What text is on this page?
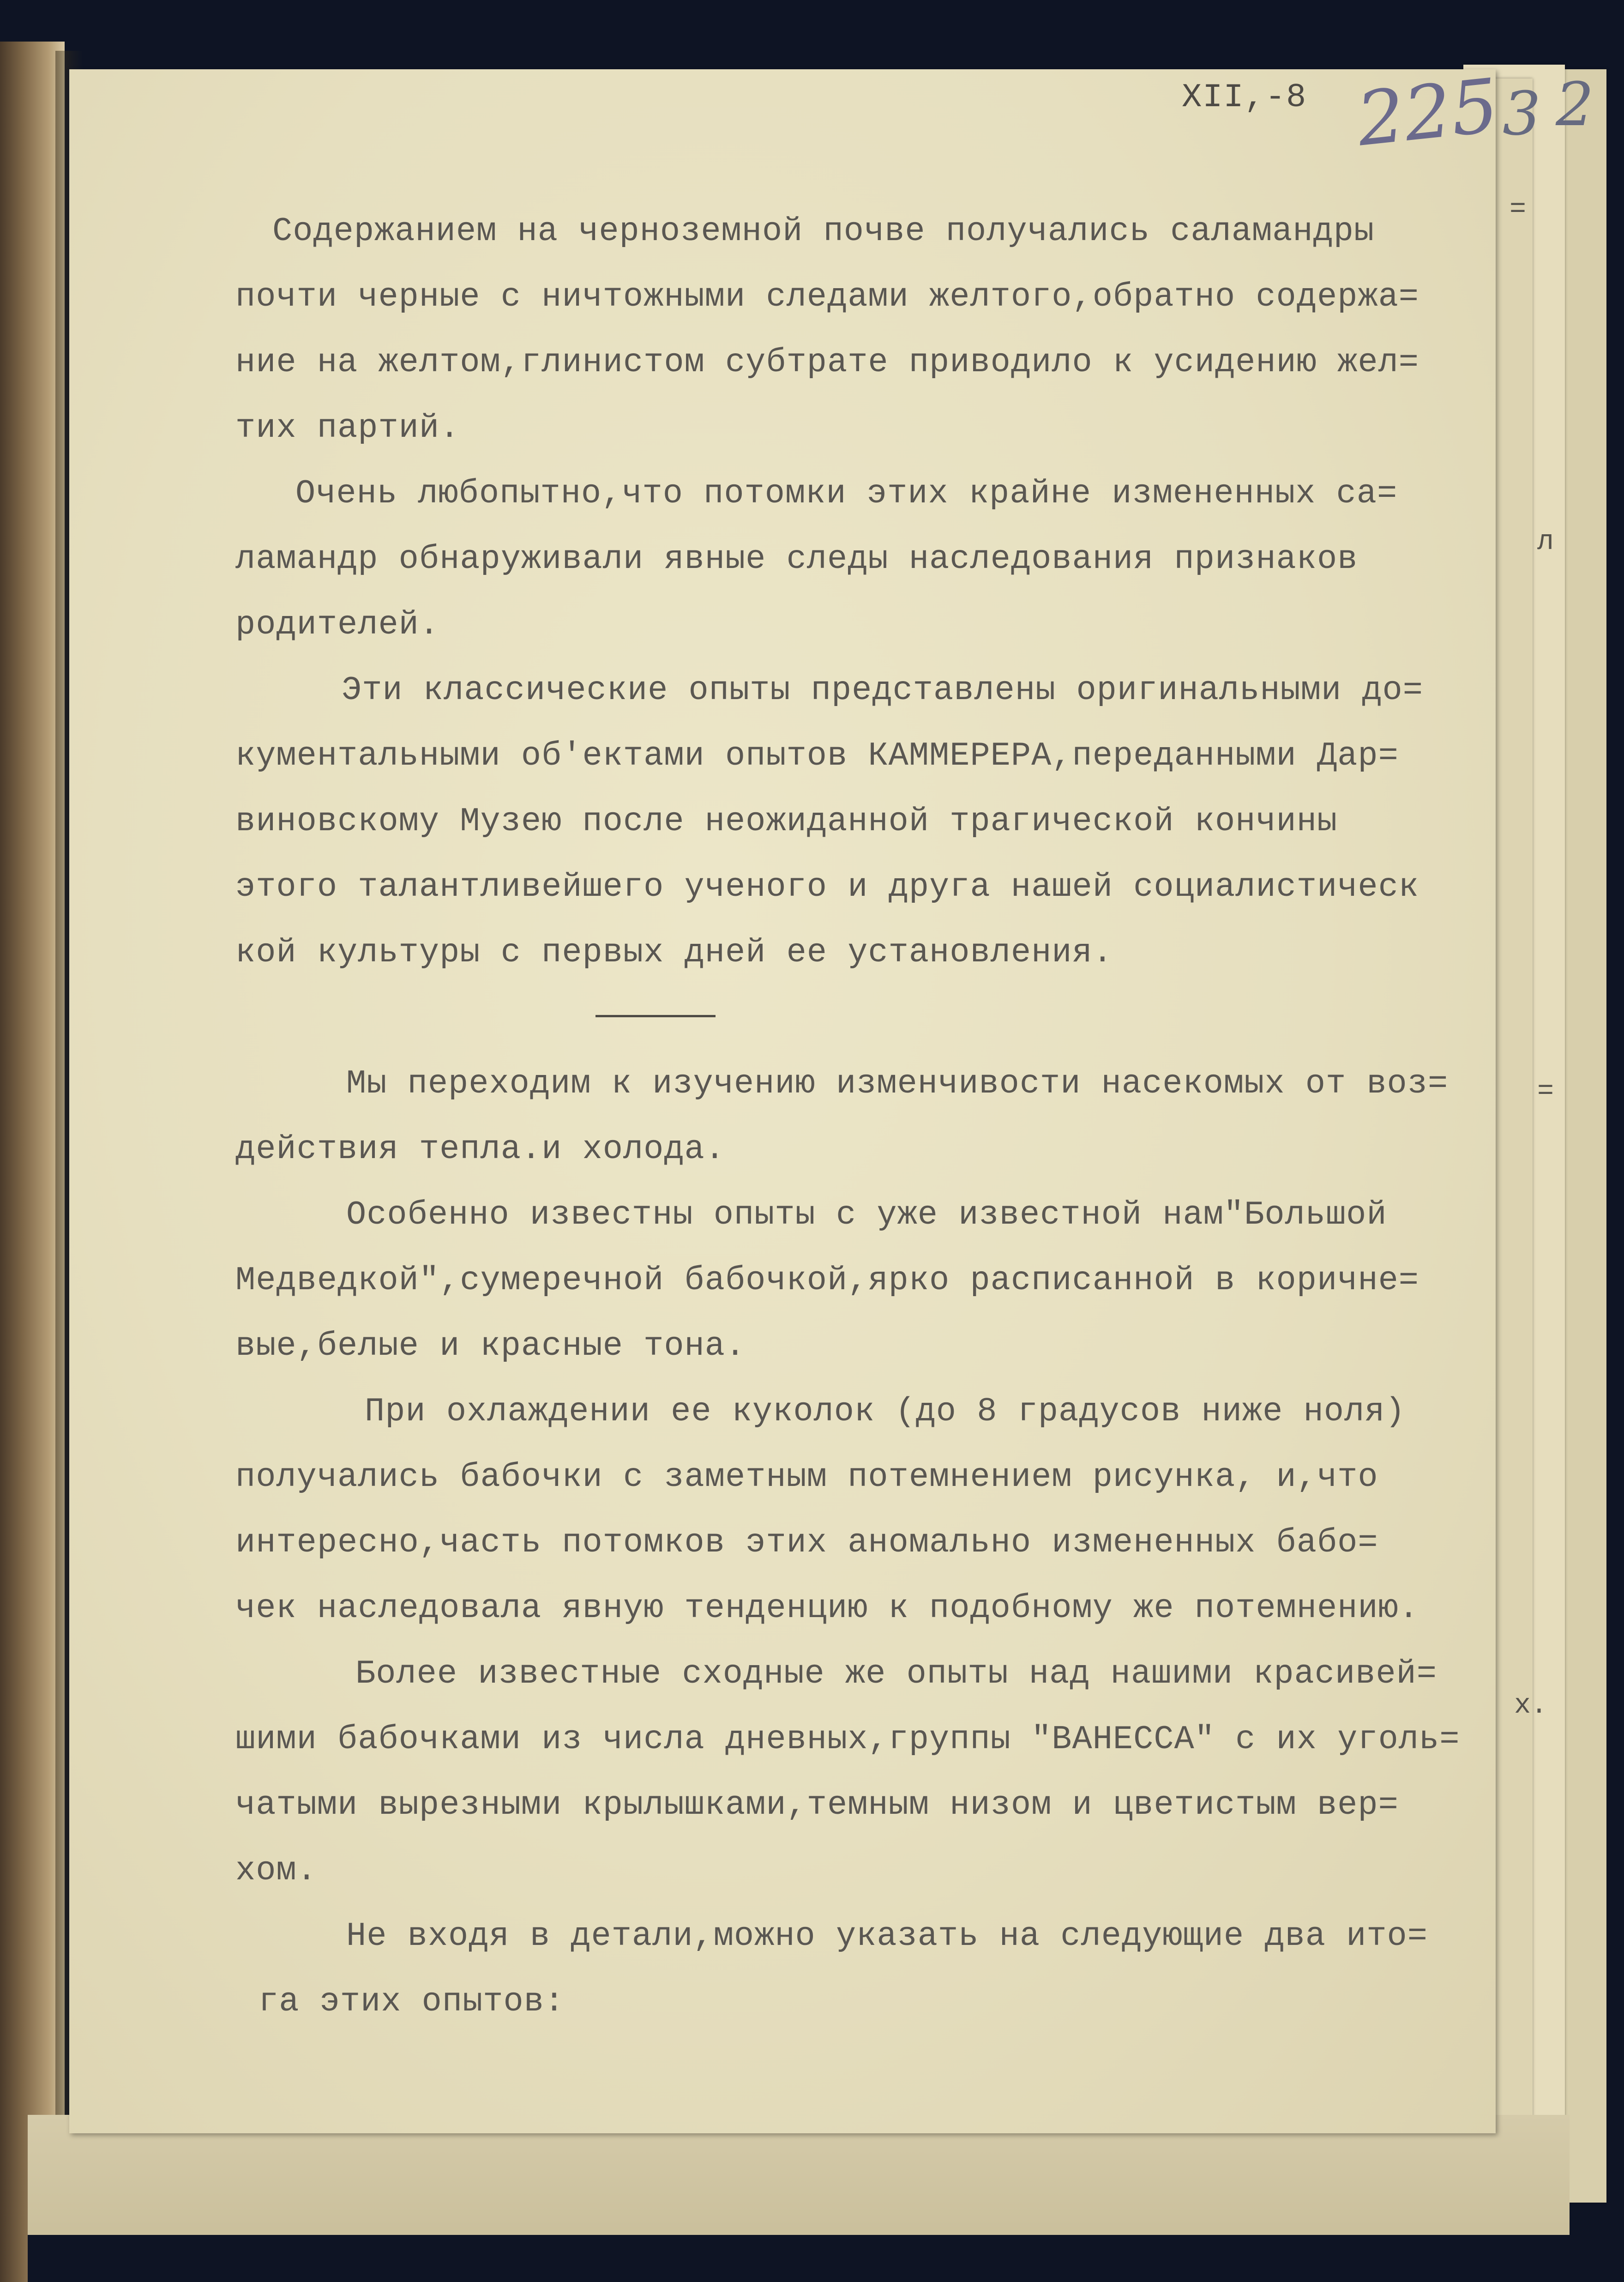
3 2
=
л
=
х.
XII,-8 225
Содержанием на черноземной почве получались саламандры
почти черные с ничтожными следами желтого,обратно содержа=
ние на желтом,глинистом субтрате приводило к усидению жел=
тих партий.
Очень любопытно,что потомки этих крайне измененных са=
ламандр обнаруживали явные следы наследования признаков
родителей.
Эти классические опыты представлены оригинальными до=
кументальными об'ектами опытов КАММЕРЕРА,переданными Дар=
виновскому Музею после неожиданной трагической кончины
этого талантливейшего ученого и друга нашей социалистическ
кой культуры с первых дней ее установления.
Мы переходим к изучению изменчивости насекомых от воз=
действия тепла.и холода.
Особенно известны опыты с уже известной нам"Большой
Медведкой",сумеречной бабочкой,ярко расписанной в коричне=
вые,белые и красные тона.
При охлаждении ее куколок (до 8 градусов ниже ноля)
получались бабочки с заметным потемнением рисунка, и,что
интересно,часть потомков этих аномально измененных бабо=
чек наследовала явную тенденцию к подобному же потемнению.
Более известные сходные же опыты над нашими красивей=
шими бабочками из числа дневных,группы "ВАНЕССА" с их уголь=
чатыми вырезными крылышками,темным низом и цветистым вер=
хом.
Не входя в детали,можно указать на следующие два ито=
га этих опытов:
